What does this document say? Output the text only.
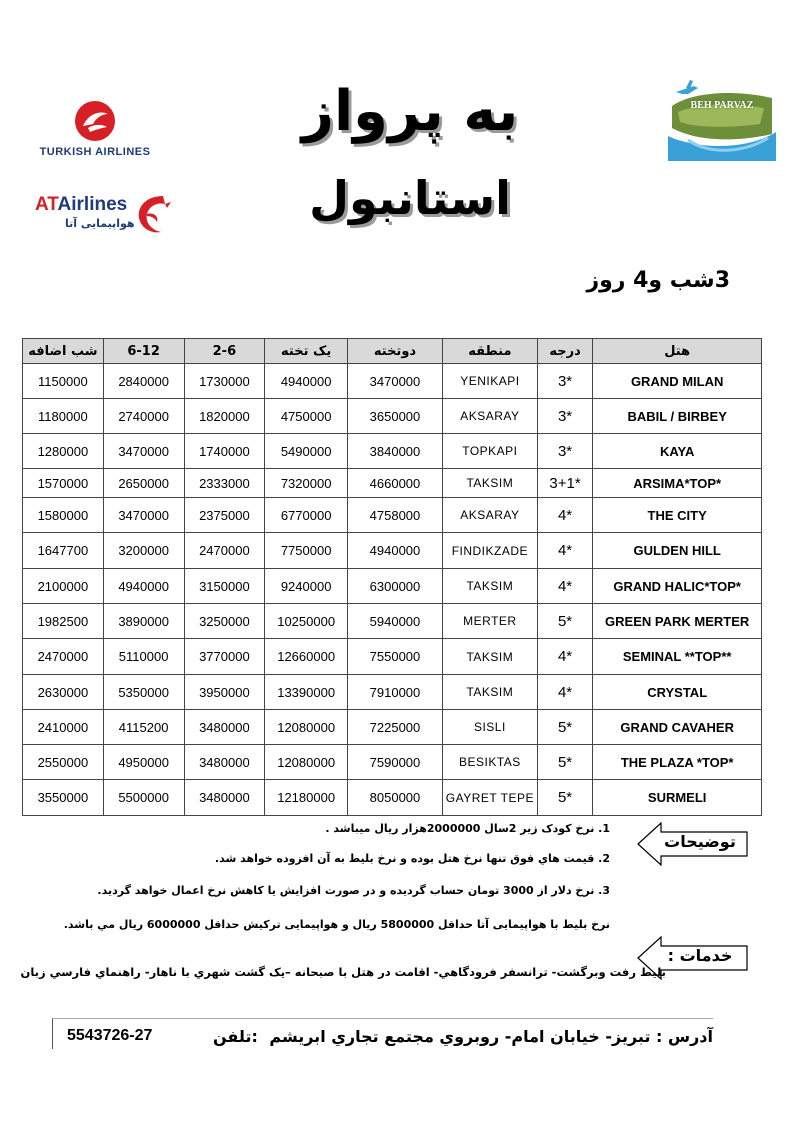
TURKISH AIRLINES
ATAirlines
هواپیمایی آتا
BEH PARVAZ
به پرواز
استانبول
3شب و4 روز
شب اضافه	6-12	2-6	یک تخته	دوتخته	منطقه	درجه	هتل
1150000	2840000	1730000	4940000	3470000	YENIKAPI	3*	GRAND MILAN
1180000	2740000	1820000	4750000	3650000	AKSARAY	3*	BABIL / BIRBEY
1280000	3470000	1740000	5490000	3840000	TOPKAPI	3*	KAYA
1570000	2650000	2333000	7320000	4660000	TAKSIM	3+1*	ARSIMA*TOP*
1580000	3470000	2375000	6770000	4758000	AKSARAY	4*	THE CITY
1647700	3200000	2470000	7750000	4940000	FINDIKZADE	4*	GULDEN HILL
2100000	4940000	3150000	9240000	6300000	TAKSIM	4*	GRAND HALIC*TOP*
1982500	3890000	3250000	10250000	5940000	MERTER	5*	GREEN PARK MERTER
2470000	5110000	3770000	12660000	7550000	TAKSIM	4*	SEMINAL **TOP**
2630000	5350000	3950000	13390000	7910000	TAKSIM	4*	CRYSTAL
2410000	4115200	3480000	12080000	7225000	SISLI	5*	GRAND CAVAHER
2550000	4950000	3480000	12080000	7590000	BESIKTAS	5*	THE PLAZA *TOP*
3550000	5500000	3480000	12180000	8050000	GAYRET TEPE	5*	SURMELI
توضیحات
1. نرخ کودک زیر 2سال 2000000هزار ریال میباشد .
2. قیمت هاي فوق تنها نرخ هتل بوده و نرخ بلیط به آن افزوده خواهد شد.
3. نرخ دلار از 3000 تومان حساب گردیده و در صورت افزایش یا کاهش نرخ اعمال خواهد گردید.
نرخ بلیط با هواپیمایی آتا حداقل 5800000 ریال و هواپیمایی ترکیش حداقل 6000000 ریال مي باشد.
خدمات :
بلیط رفت وبرگشت- ترانسفر فرودگاهي- اقامت در هتل با صبحانه –یک گشت شهري با ناهار- راهنماي فارسي زبان
آدرس : تبریز- خیابان امام- روبروي مجتمع تجاري ابریشم
تلفن:
5543726-27
